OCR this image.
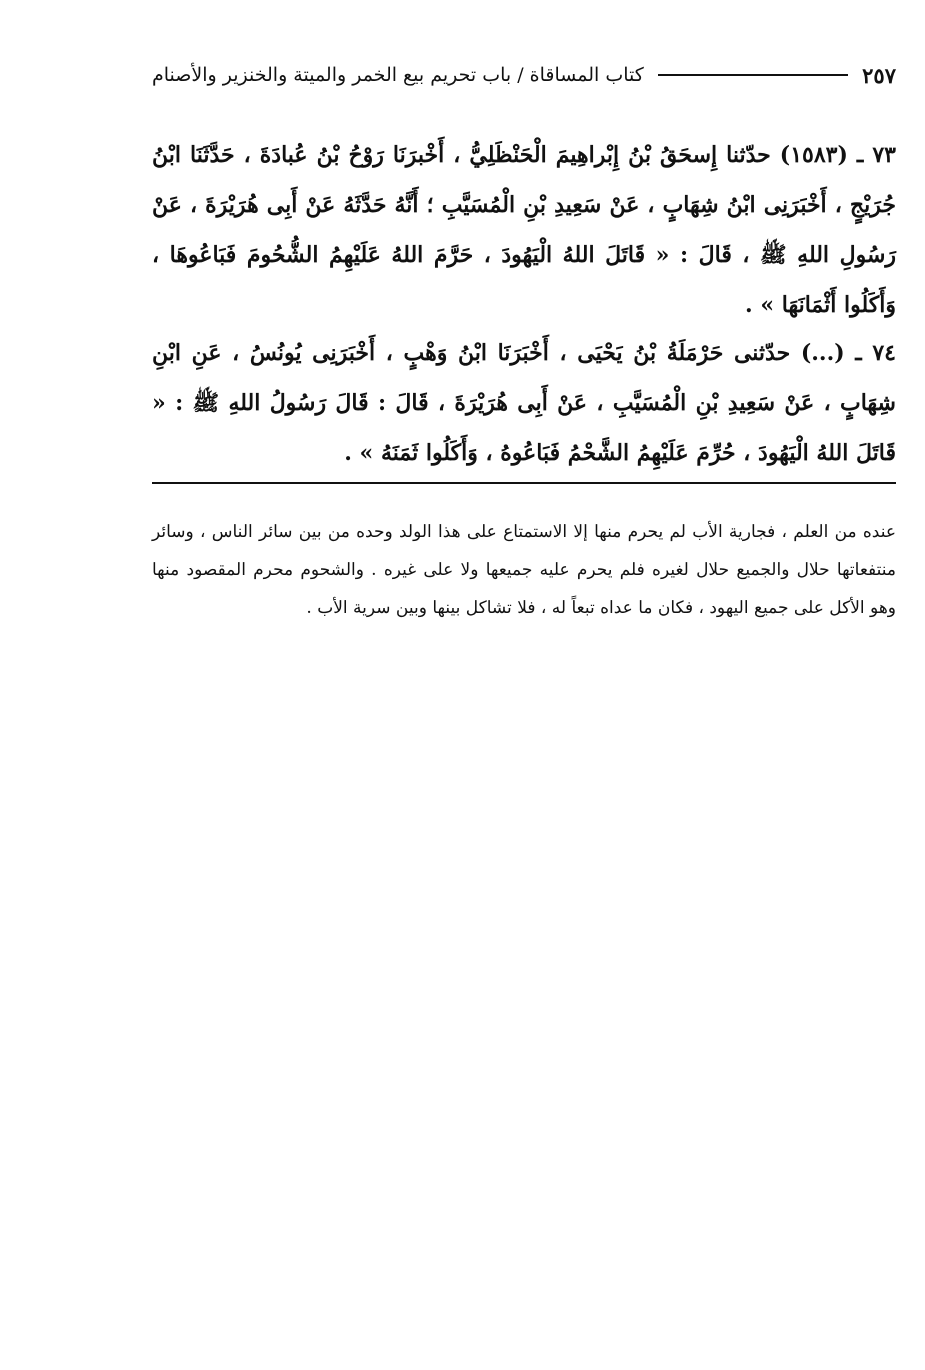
كتاب المساقاة / باب تحريم بيع الخمر والميتة والخنزير والأصنام	٢٥٧

٧٣ ـ (١٥٨٣) حدّثنا إِسحَقُ بْنُ إِبْراهِيمَ الْحَنْظَلِيُّ ، أَخْبرَنَا رَوْحُ بْنُ عُبادَةَ ، حَدَّثَنَا ابْنُ جُرَيْجٍ ، أَخْبَرَنِى ابْنُ شِهَابٍ ، عَنْ سَعِيدِ بْنِ الْمُسَيَّبِ ؛ أَنَّهُ حَدَّثَهُ عَنْ أَبِى هُرَيْرَةَ ، عَنْ رَسُولِ اللهِ ﷺ ، قَالَ : « قَاتَلَ اللهُ الْيَهُودَ ، حَرَّمَ اللهُ عَلَيْهِمُ الشُّحُومَ فَبَاعُوهَا ، وَأَكَلُوا أَثْمَانَهَا » .

٧٤ ـ (...) حدّثنى حَرْمَلَةُ بْنُ يَحْيَى ، أَخْبَرَنَا ابْنُ وَهْبٍ ، أَخْبَرَنِى يُونُسُ ، عَنِ ابْنِ شِهَابٍ ، عَنْ سَعِيدِ بْنِ الْمُسَيَّبِ ، عَنْ أَبِى هُرَيْرَةَ ، قَالَ : قَالَ رَسُولُ اللهِ ﷺ : « قَاتَلَ اللهُ الْيَهُودَ ، حُرِّمَ عَلَيْهِمُ الشَّحْمُ فَبَاعُوهُ ، وَأَكَلُوا ثَمَنَهُ » .

عنده من العلم ، فجارية الأب لم يحرم منها إلا الاستمتاع على هذا الولد وحده من بين سائر الناس ، وسائر منتفعاتها حلال والجميع حلال لغيره فلم يحرم عليه جميعها ولا على غيره . والشحوم محرم المقصود منها وهو الأكل على جميع اليهود ، فكان ما عداه تبعاً له ، فلا تشاكل بينها وبين سرية الأب .
